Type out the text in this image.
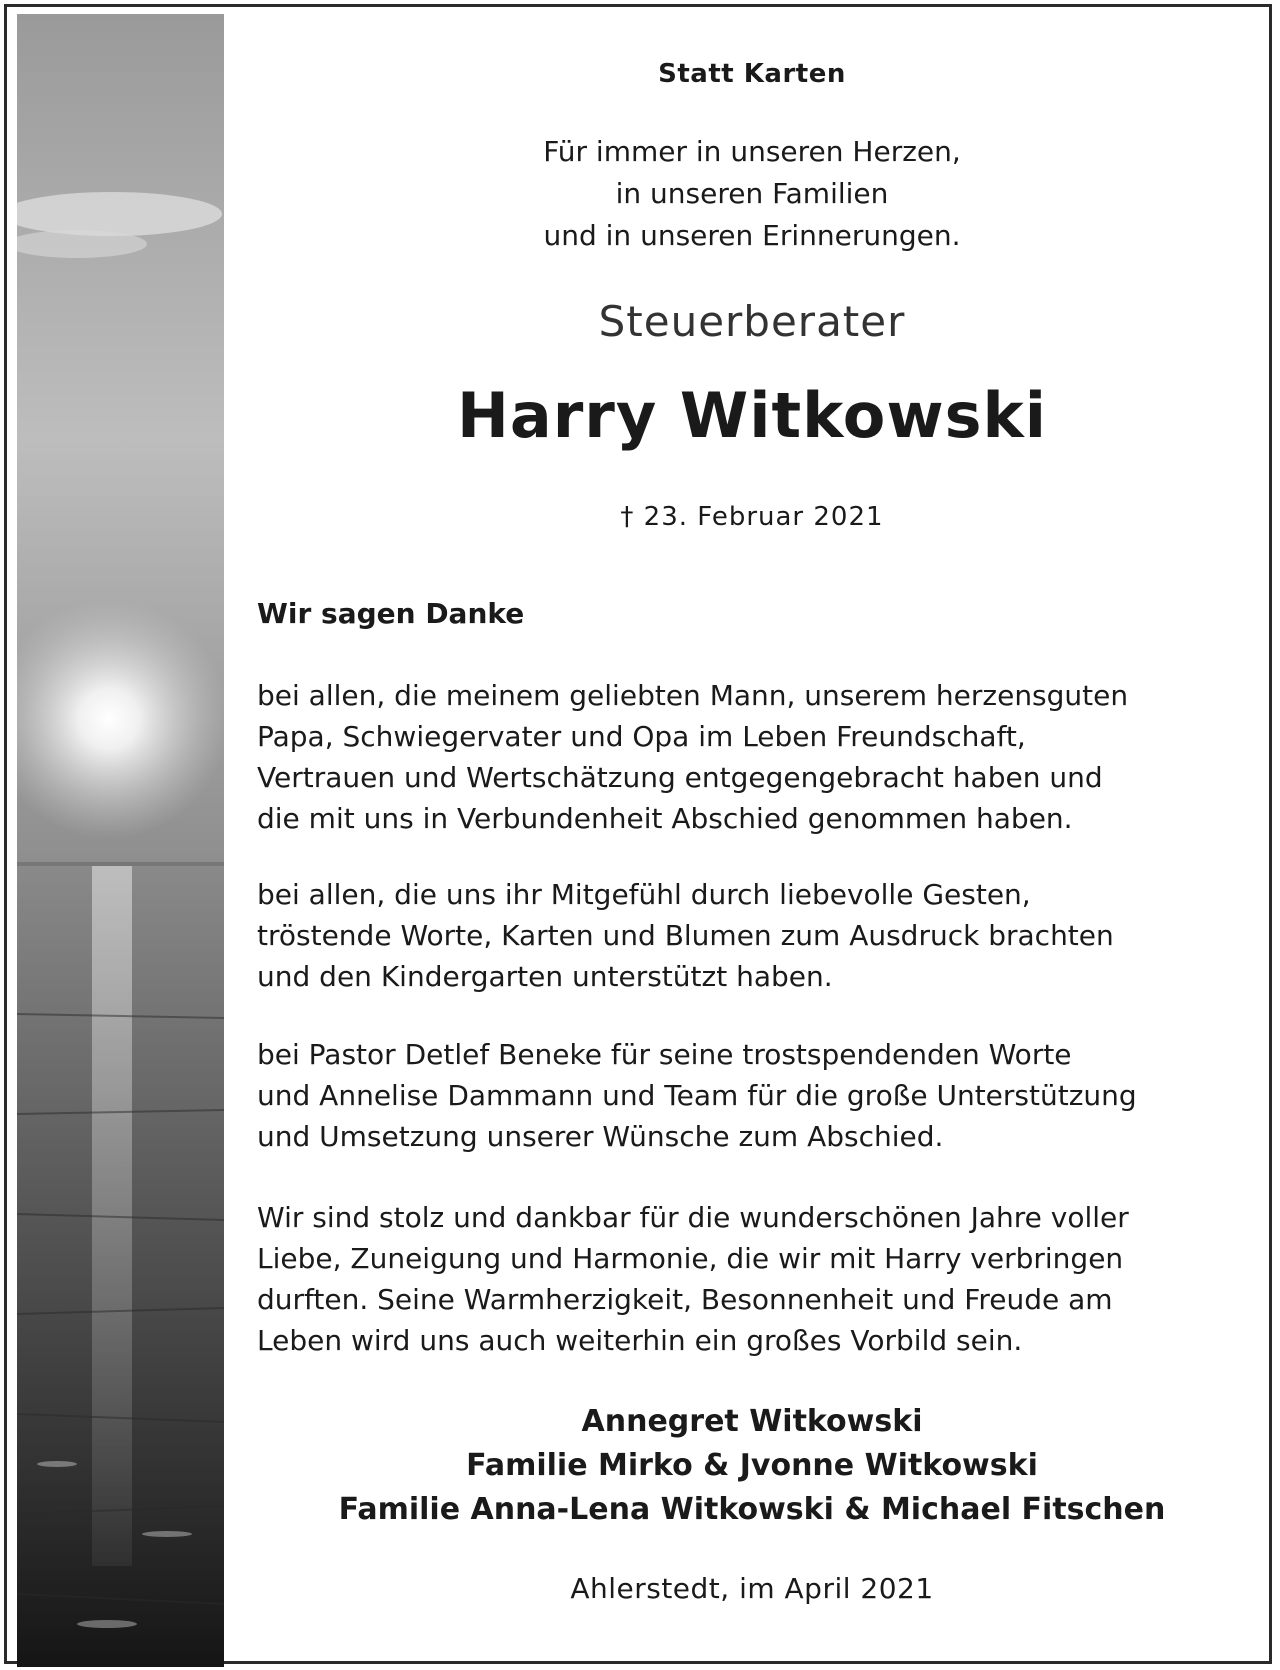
Statt Karten
Für immer in unseren Herzen,
in unseren Familien
und in unseren Erinnerungen.
Steuerberater
Harry Witkowski
† 23. Februar 2021
Wir sagen Danke
bei allen, die meinem geliebten Mann, unserem herzensguten
Papa, Schwiegervater und Opa im Leben Freundschaft,
Vertrauen und Wertschätzung entgegengebracht haben und
die mit uns in Verbundenheit Abschied genommen haben.
bei allen, die uns ihr Mitgefühl durch liebevolle Gesten,
tröstende Worte, Karten und Blumen zum Ausdruck brachten
und den Kindergarten unterstützt haben.
bei Pastor Detlef Beneke für seine trostspendenden Worte
und Annelise Dammann und Team für die große Unterstützung
und Umsetzung unserer Wünsche zum Abschied.
Wir sind stolz und dankbar für die wunderschönen Jahre voller
Liebe, Zuneigung und Harmonie, die wir mit Harry verbringen
durften. Seine Warmherzigkeit, Besonnenheit und Freude am
Leben wird uns auch weiterhin ein großes Vorbild sein.
Annegret Witkowski
Familie Mirko & Jvonne Witkowski
Familie Anna-Lena Witkowski & Michael Fitschen
Ahlerstedt, im April 2021
